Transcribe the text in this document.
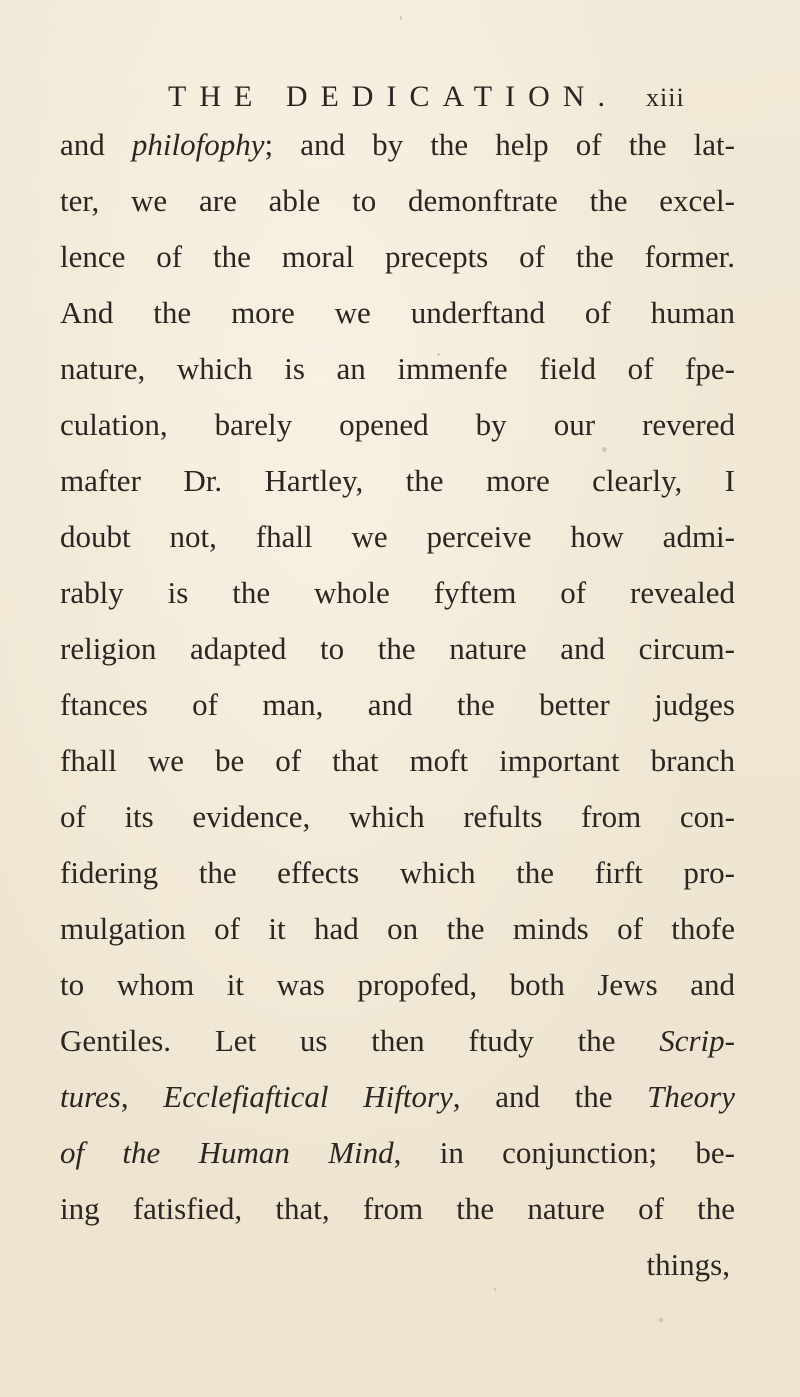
THE DEDICATION. xiii
and philofophy; and by the help of the lat-
ter, we are able to demonftrate the excel-
lence of the moral precepts of the former.
And the more we underftand of human
nature, which is an immenfe field of fpe-
culation, barely opened by our revered
mafter Dr. Hartley, the more clearly, I
doubt not, fhall we perceive how admi-
rably is the whole fyftem of revealed
religion adapted to the nature and circum-
ftances of man, and the better judges
fhall we be of that moft important branch
of its evidence, which refults from con-
fidering the effects which the firft pro-
mulgation of it had on the minds of thofe
to whom it was propofed, both Jews and
Gentiles. Let us then ftudy the Scrip-
tures, Ecclefiaftical Hiftory, and the Theory
of the Human Mind, in conjunction; be-
ing fatisfied, that, from the nature of the
things,
